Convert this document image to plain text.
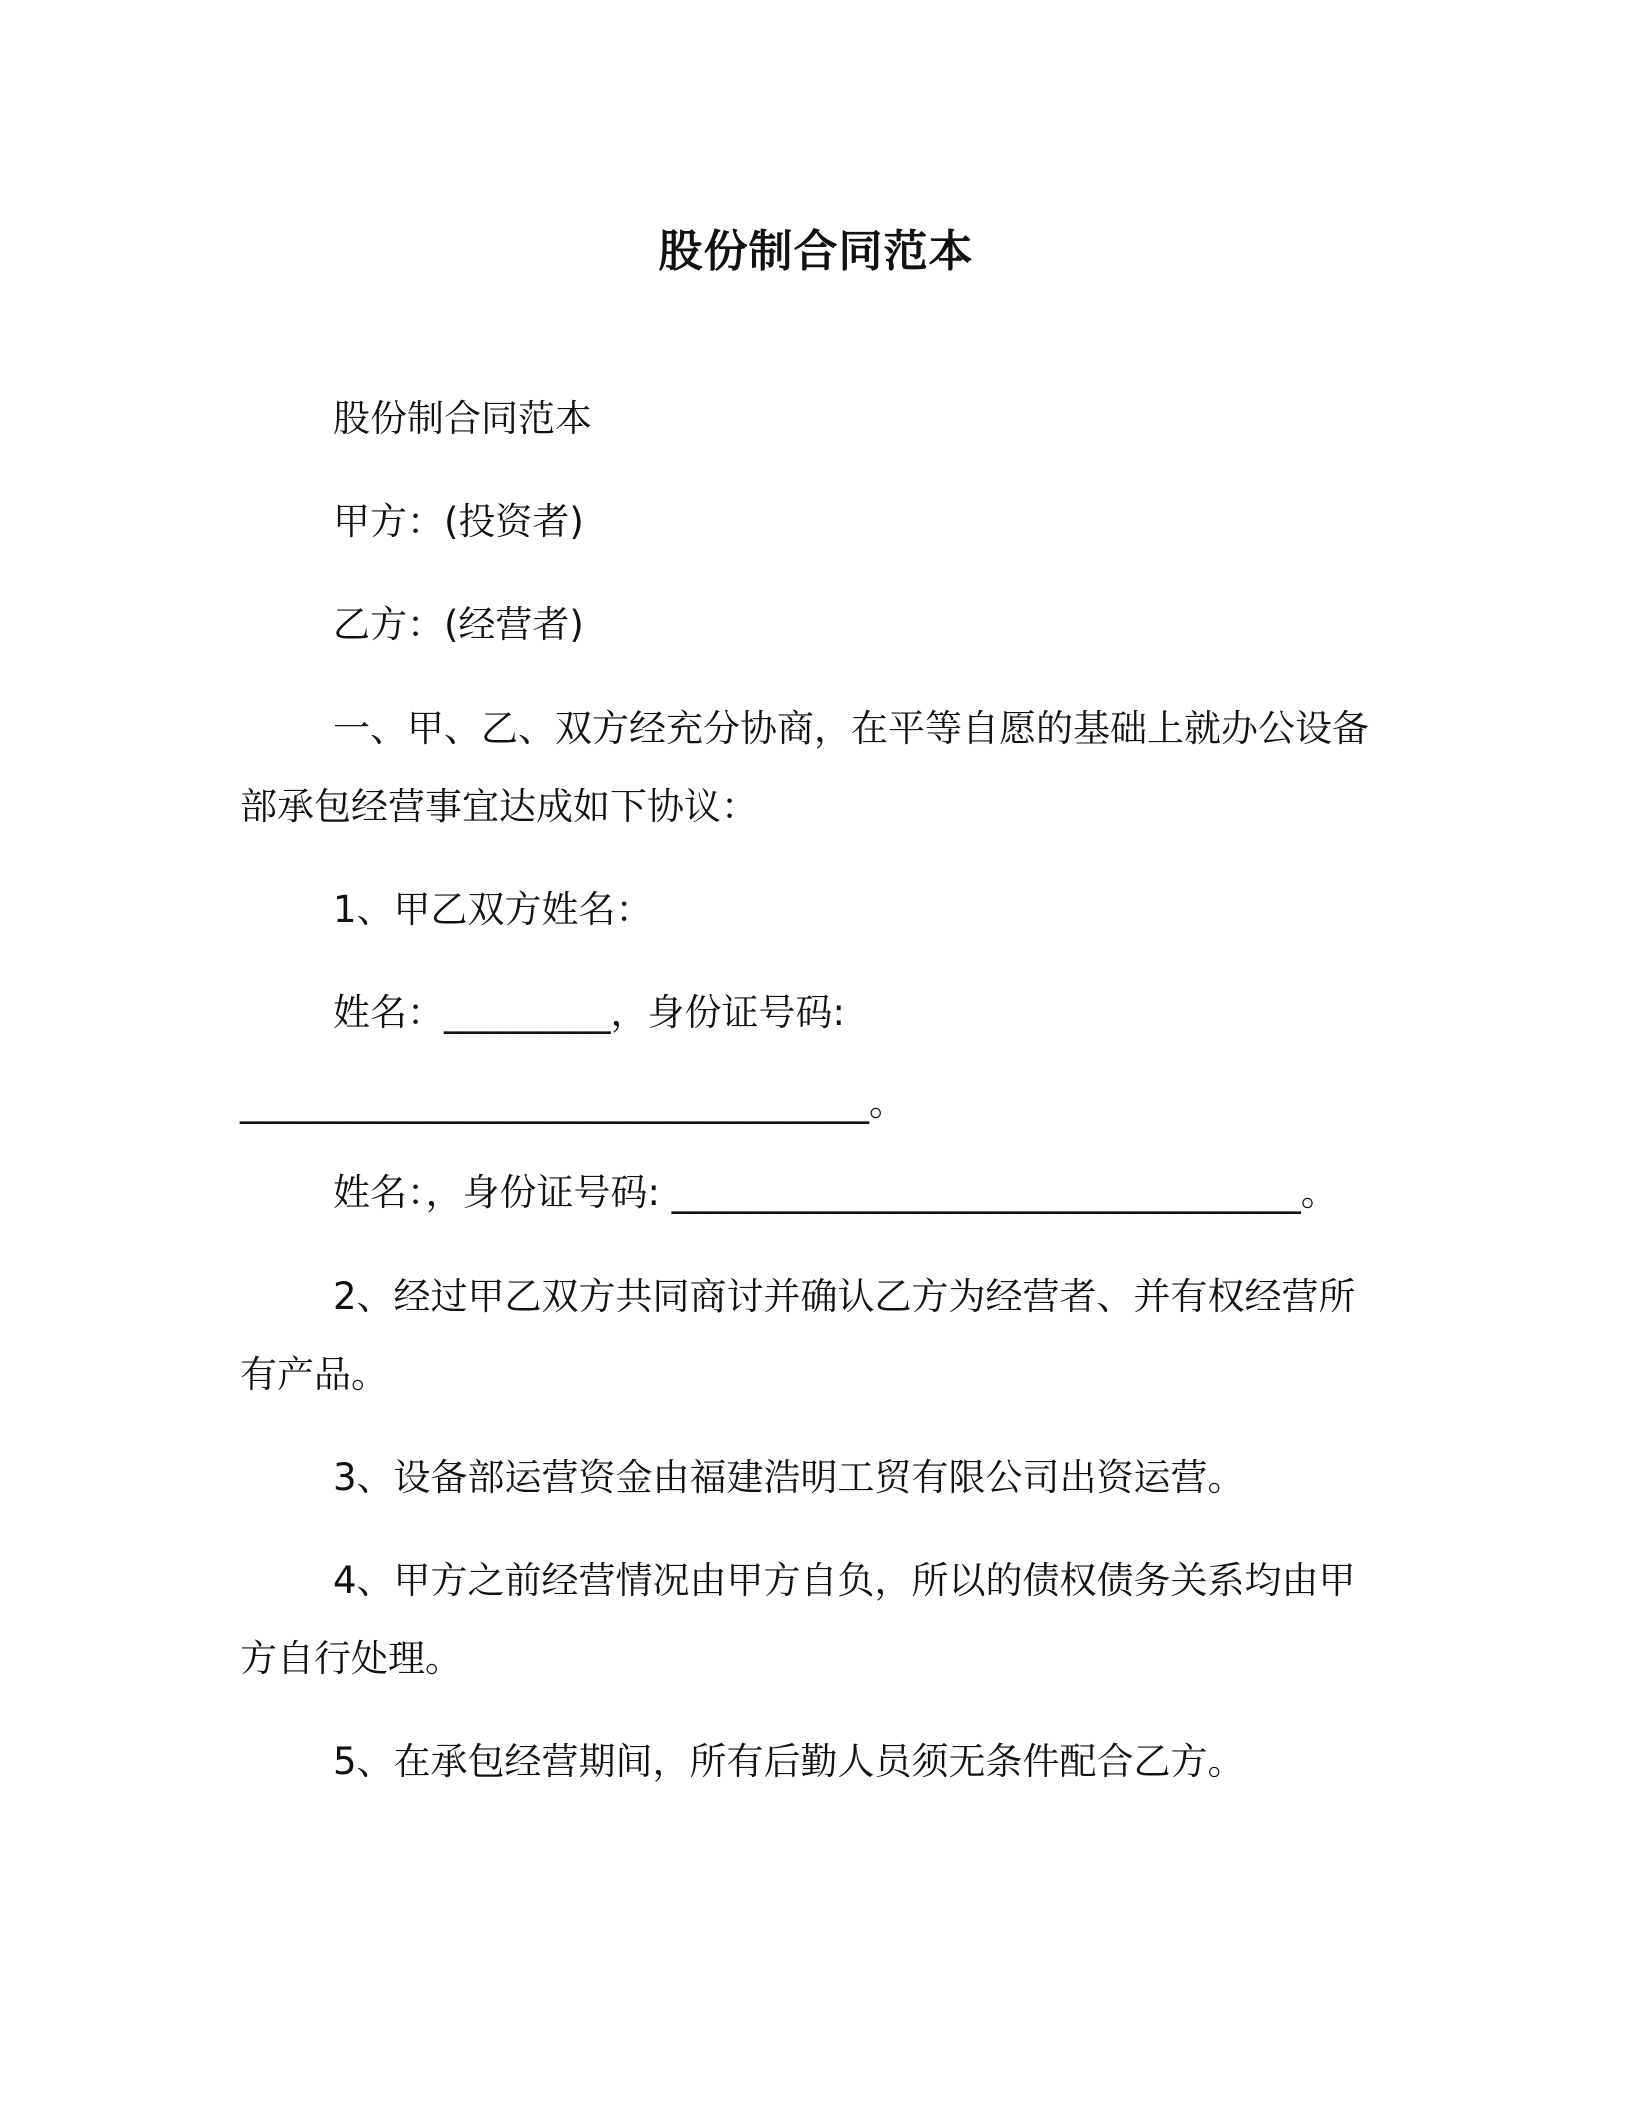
股份制合同范本

股份制合同范本

甲方：(投资者)

乙方：(经营者)

一、甲、乙、双方经充分协商，在平等自愿的基础上就办公设备

部承包经营事宜达成如下协议：

1、甲乙双方姓名：

姓名：_________，身份证号码:

__________________________________。

姓名：，身份证号码: __________________________________。

2、经过甲乙双方共同商讨并确认乙方为经营者、并有权经营所

有产品。

3、设备部运营资金由福建浩明工贸有限公司出资运营。

4、甲方之前经营情况由甲方自负，所以的债权债务关系均由甲

方自行处理。

5、在承包经营期间，所有后勤人员须无条件配合乙方。
